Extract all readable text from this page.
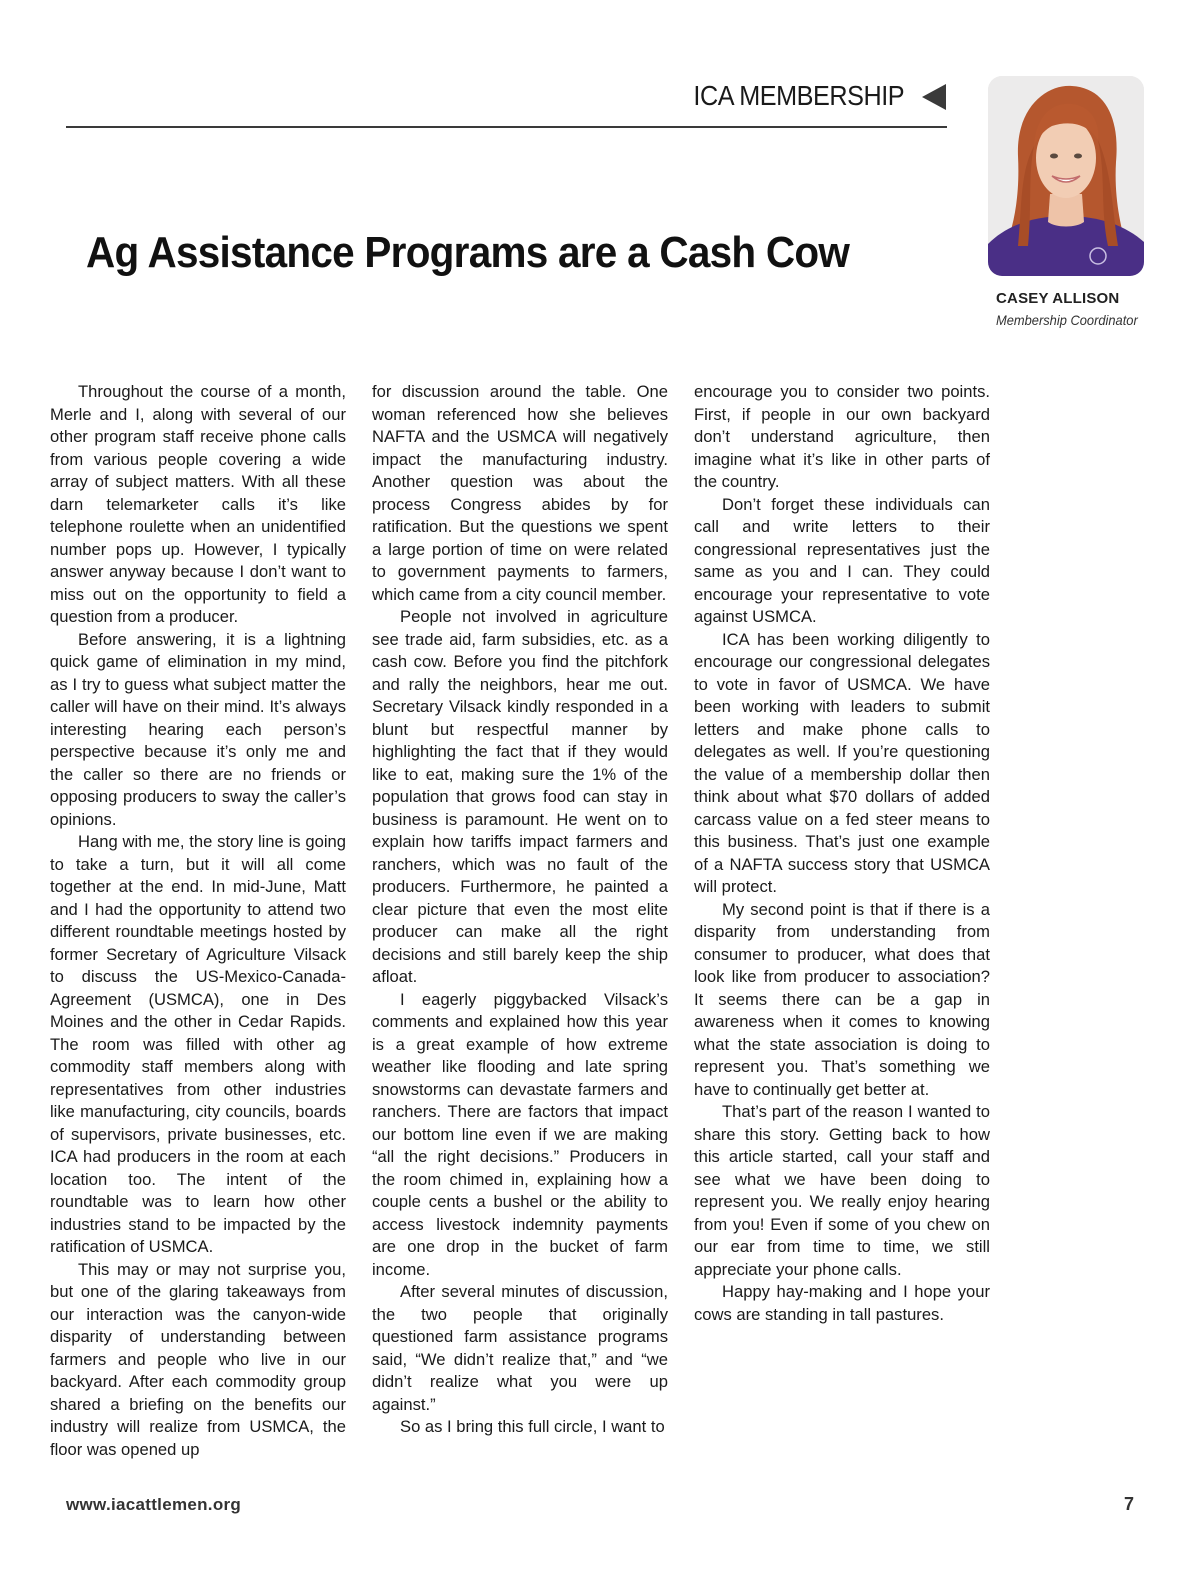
ICA MEMBERSHIP
Ag Assistance Programs are a Cash Cow
CASEY ALLISON
Membership Coordinator

Throughout the course of a month, Merle and I, along with several of our other program staff receive phone calls from various people covering a wide array of subject matters. With all these darn telemarketer calls it’s like telephone roulette when an unidentified number pops up. However, I typically answer anyway because I don’t want to miss out on the opportunity to field a question from a producer.

Before answering, it is a lightning quick game of elimination in my mind, as I try to guess what subject matter the caller will have on their mind. It’s always interesting hearing each person’s perspective because it’s only me and the caller so there are no friends or opposing producers to sway the caller’s opinions.

Hang with me, the story line is going to take a turn, but it will all come together at the end. In mid-June, Matt and I had the opportunity to attend two different roundtable meetings hosted by former Secretary of Agriculture Vilsack to discuss the US-Mexico-Canada-Agreement (USMCA), one in Des Moines and the other in Cedar Rapids. The room was filled with other ag commodity staff members along with representatives from other industries like manufacturing, city councils, boards of supervisors, private businesses, etc. ICA had producers in the room at each location too. The intent of the roundtable was to learn how other industries stand to be impacted by the ratification of USMCA.

This may or may not surprise you, but one of the glaring takeaways from our interaction was the canyon-wide disparity of understanding between farmers and people who live in our backyard. After each commodity group shared a briefing on the benefits our industry will realize from USMCA, the floor was opened up

for discussion around the table. One woman referenced how she believes NAFTA and the USMCA will negatively impact the manufacturing industry. Another question was about the process Congress abides by for ratification. But the questions we spent a large portion of time on were related to government payments to farmers, which came from a city council member.

People not involved in agriculture see trade aid, farm subsidies, etc. as a cash cow. Before you find the pitchfork and rally the neighbors, hear me out. Secretary Vilsack kindly responded in a blunt but respectful manner by highlighting the fact that if they would like to eat, making sure the 1% of the population that grows food can stay in business is paramount. He went on to explain how tariffs impact farmers and ranchers, which was no fault of the producers. Furthermore, he painted a clear picture that even the most elite producer can make all the right decisions and still barely keep the ship afloat.

I eagerly piggybacked Vilsack’s comments and explained how this year is a great example of how extreme weather like flooding and late spring snowstorms can devastate farmers and ranchers. There are factors that impact our bottom line even if we are making “all the right decisions.” Producers in the room chimed in, explaining how a couple cents a bushel or the ability to access livestock indemnity payments are one drop in the bucket of farm income.

After several minutes of discussion, the two people that originally questioned farm assistance programs said, “We didn’t realize that,” and “we didn’t realize what you were up against.”

So as I bring this full circle, I want to

encourage you to consider two points. First, if people in our own backyard don’t understand agriculture, then imagine what it’s like in other parts of the country.

Don’t forget these individuals can call and write letters to their congressional representatives just the same as you and I can. They could encourage your representative to vote against USMCA.

ICA has been working diligently to encourage our congressional delegates to vote in favor of USMCA. We have been working with leaders to submit letters and make phone calls to delegates as well. If you’re questioning the value of a membership dollar then think about what $70 dollars of added carcass value on a fed steer means to this business. That’s just one example of a NAFTA success story that USMCA will protect.

My second point is that if there is a disparity from understanding from consumer to producer, what does that look like from producer to association? It seems there can be a gap in awareness when it comes to knowing what the state association is doing to represent you. That’s something we have to continually get better at.

That’s part of the reason I wanted to share this story. Getting back to how this article started, call your staff and see what we have been doing to represent you. We really enjoy hearing from you! Even if some of you chew on our ear from time to time, we still appreciate your phone calls.

Happy hay-making and I hope your cows are standing in tall pastures.

www.iacattlemen.org	7
